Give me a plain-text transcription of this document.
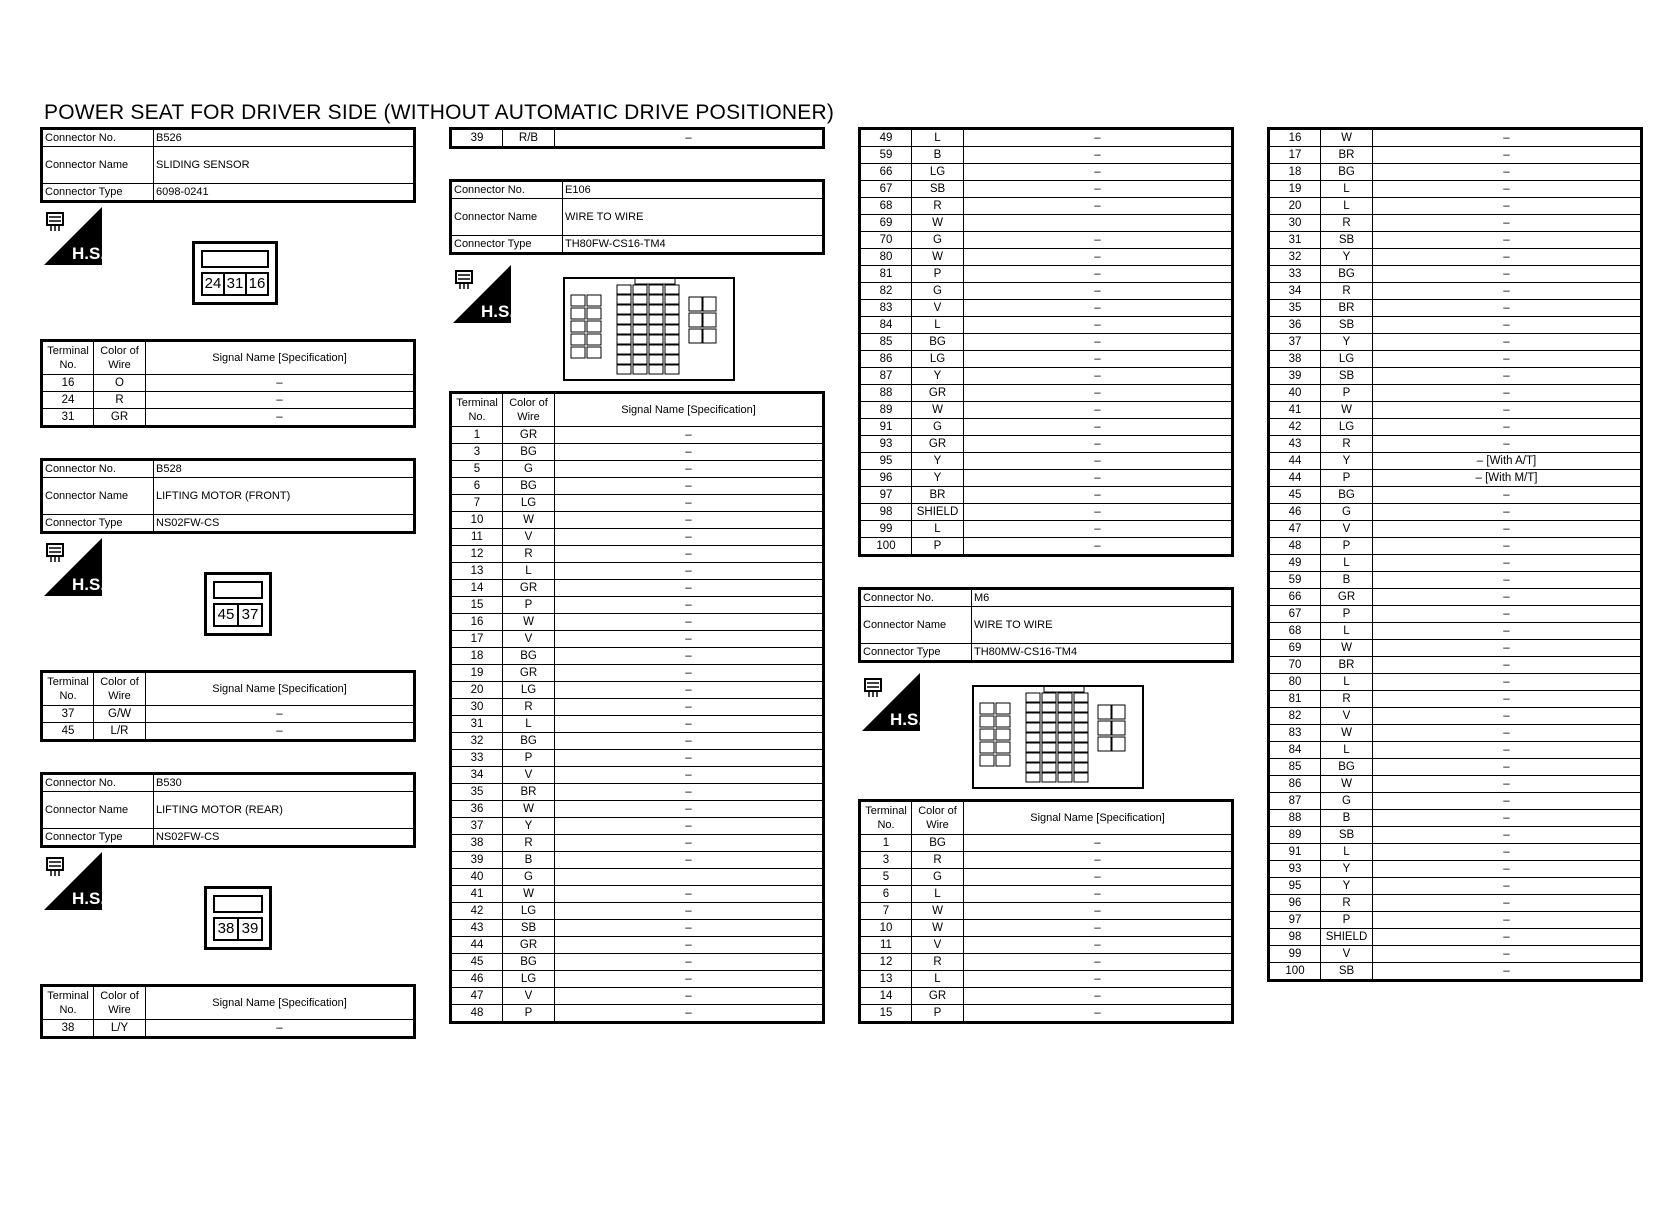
POWER SEAT FOR DRIVER SIDE (WITHOUT AUTOMATIC DRIVE POSITIONER)
Connector No.	B526
Connector Name	SLIDING SENSOR
Connector Type	6098-0241
H.S.
24 31 16
Terminal No.	Color of Wire	Signal Name [Specification]
16	O	–
24	R	–
31	GR	–
Connector No.	B528
Connector Name	LIFTING MOTOR (FRONT)
Connector Type	NS02FW-CS
H.S.
45 37
Terminal No.	Color of Wire	Signal Name [Specification]
37	G/W	–
45	L/R	–
Connector No.	B530
Connector Name	LIFTING MOTOR (REAR)
Connector Type	NS02FW-CS
H.S.
38 39
Terminal No.	Color of Wire	Signal Name [Specification]
38	L/Y	–
39	R/B	–
Connector No.	E106
Connector Name	WIRE TO WIRE
Connector Type	TH80FW-CS16-TM4
H.S.
Terminal No.	Color of Wire	Signal Name [Specification]
1	GR	–
3	BG	–
5	G	–
6	BG	–
7	LG	–
10	W	–
11	V	–
12	R	–
13	L	–
14	GR	–
15	P	–
16	W	–
17	V	–
18	BG	–
19	GR	–
20	LG	–
30	R	–
31	L	–
32	BG	–
33	P	–
34	V	–
35	BR	–
36	W	–
37	Y	–
38	R	–
39	B	–
40	G	
41	W	–
42	LG	–
43	SB	–
44	GR	–
45	BG	–
46	LG	–
47	V	–
48	P	–
49	L	–
59	B	–
66	LG	–
67	SB	–
68	R	–
69	W	
70	G	–
80	W	–
81	P	–
82	G	–
83	V	–
84	L	–
85	BG	–
86	LG	–
87	Y	–
88	GR	–
89	W	–
91	G	–
93	GR	–
95	Y	–
96	Y	–
97	BR	–
98	SHIELD	–
99	L	–
100	P	–
Connector No.	M6
Connector Name	WIRE TO WIRE
Connector Type	TH80MW-CS16-TM4
H.S.
Terminal No.	Color of Wire	Signal Name [Specification]
1	BG	–
3	R	–
5	G	–
6	L	–
7	W	–
10	W	–
11	V	–
12	R	–
13	L	–
14	GR	–
15	P	–
16	W	–
17	BR	–
18	BG	–
19	L	–
20	L	–
30	R	–
31	SB	–
32	Y	–
33	BG	–
34	R	–
35	BR	–
36	SB	–
37	Y	–
38	LG	–
39	SB	–
40	P	–
41	W	–
42	LG	–
43	R	–
44	Y	– [With A/T]
44	P	– [With M/T]
45	BG	–
46	G	–
47	V	–
48	P	–
49	L	–
59	B	–
66	GR	–
67	P	–
68	L	–
69	W	–
70	BR	–
80	L	–
81	R	–
82	V	–
83	W	–
84	L	–
85	BG	–
86	W	–
87	G	–
88	B	–
89	SB	–
91	L	–
93	Y	–
95	Y	–
96	R	–
97	P	–
98	SHIELD	–
99	V	–
100	SB	–
